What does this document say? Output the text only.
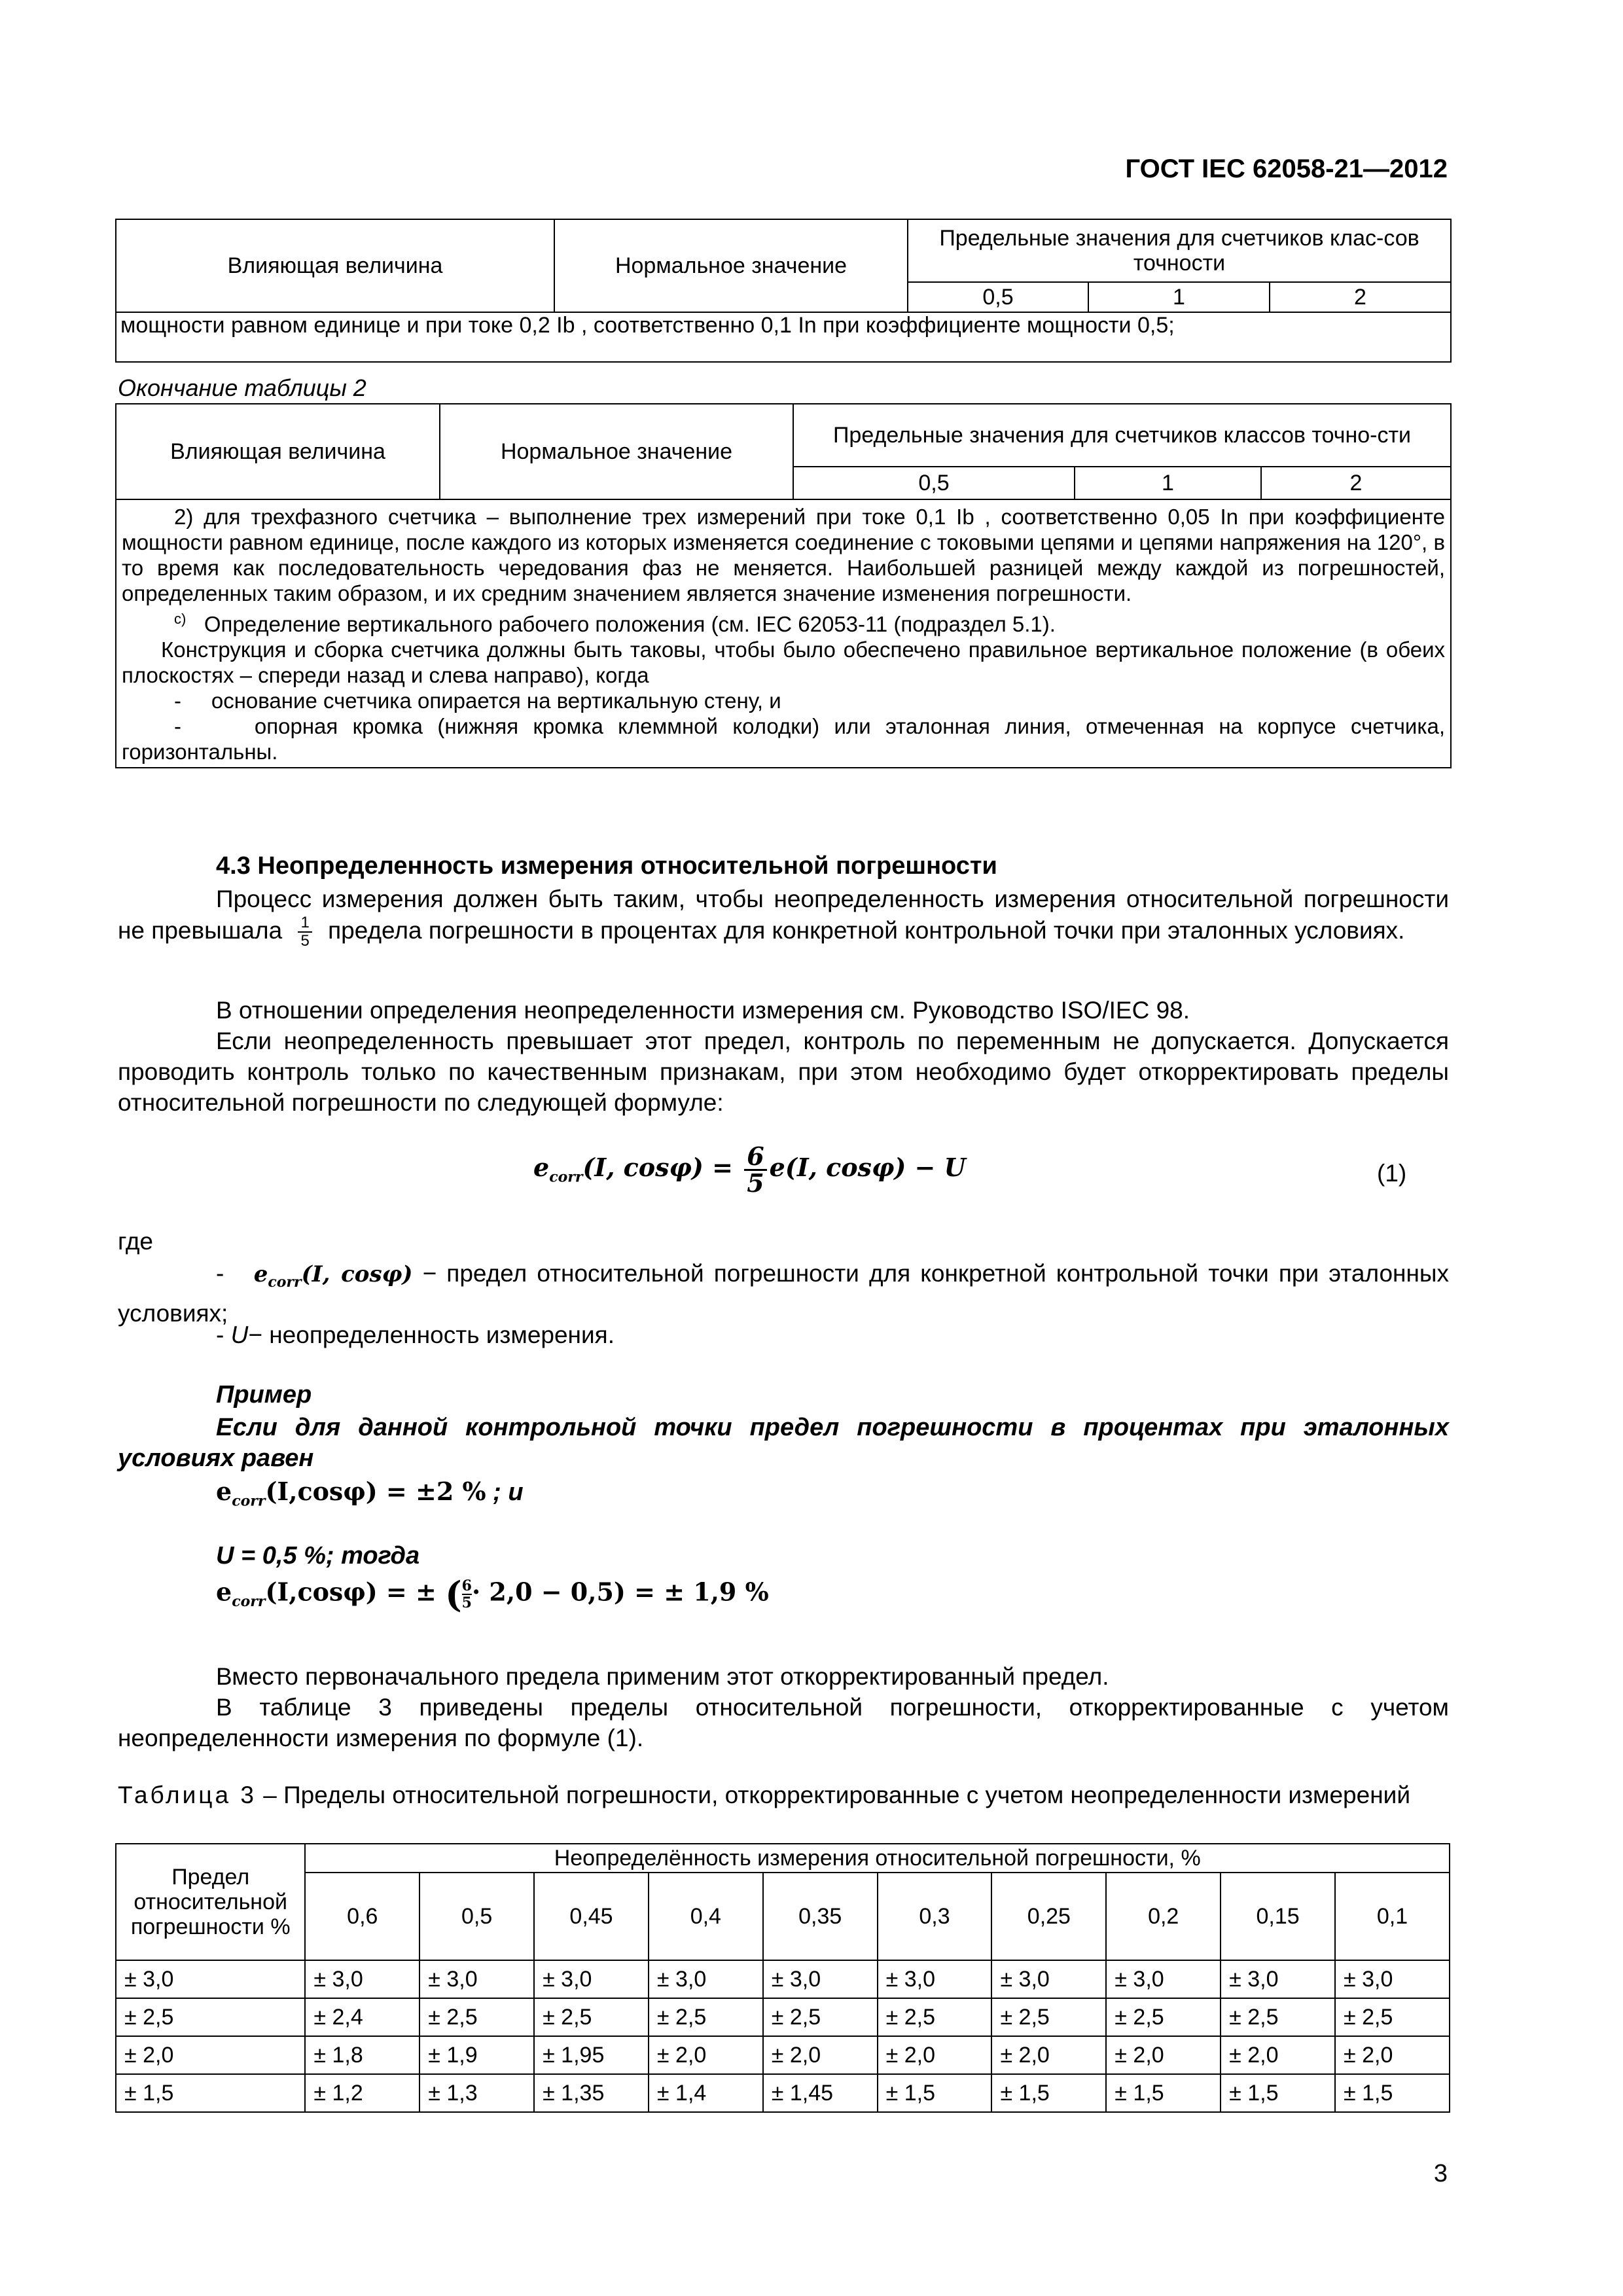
ГОСТ IEC 62058-21—2012
Влияющая величина	Нормальное значение	Предельные значения для счетчиков клас-сов точности		
		0,5	1	2
мощности равном единице и при токе 0,2 Ib , соответственно 0,1 In при коэффициенте мощности 0,5;				
Окончание таблицы 2
Влияющая величина	Нормальное значение	Предельные значения для счетчиков классов точно-сти		
		0,5	1	2

2) для трехфазного счетчика – выполнение трех измерений при токе 0,1 Ib , соответственно 0,05 In при коэффициенте мощности равном единице, после каждого из которых изменяется соединение с токовыми цепями и цепями напряжения на 120°, в то время как последовательность чередования фаз не меняется. Наибольшей разницей между каждой из погрешностей, определенных таким образом, и их средним значением является значение изменения погрешности.
$^{c)}$ Определение вертикального рабочего положения (см. IEC 62053-11 (подраздел 5.1).
Конструкция и сборка счетчика должны быть таковы, чтобы было обеспечено правильное вертикальное положение (в обеих плоскостях – спереди назад и слева направо), когда
- основание счетчика опирается на вертикальную стену, и
- опорная кромка (нижняя кромка клеммной колодки) или эталонная линия, отмеченная на корпусе счетчика, горизонтальны.				
4.3 Неопределенность измерения относительной погрешности
Процесс измерения должен быть таким, чтобы неопределенность измерения относительной погрешности не превышала $\frac{1}{5}$ предела погрешности в процентах для конкретной контрольной точки при эталонных условиях.
В отношении определения неопределенности измерения см. Руководство ISO/IEC 98.
Если неопределенность превышает этот предел, контроль по переменным не допускается. Допускается проводить контроль только по качественным признакам, при этом необходимо будет откорректировать пределы относительной погрешности по следующей формуле:
$e_{corr}(I$, $\cos\varphi) = \frac{6}{5} e(I$, cosφ) − U	(1)
где
- $e_{corr}(I$, cosφ) − предел относительной погрешности для конкретной контрольной точки при эталонных условиях;
- U− неопределенность измерения.
Пример
Если для данной контрольной точки предел погрешности в процентах при эталонных условиях равен
$e_{corr}(I,\cos\varphi) = \pm 2$ % ; и
U = 0,5 %; тогда
$e_{corr}(I,\cos\varphi)$ = ± ( $\frac{6}{5} \cdot 2,0 - 0,5$) = ± 1,9 %
Вместо первоначального предела применим этот откорректированный предел.
В таблице 3 приведены пределы относительной погрешности, откорректированные с учетом неопределенности измерения по формуле (1).
Таблица 3 – Пределы относительной погрешности, откорректированные с учетом неопределенности измерений
Предел относительной погрешности %	Неопределённость измерения относительной погрешности, %									
	0,6	0,5	0,45	0,4	0,35	0,3	0,25	0,2	0,15	0,1
± 3,0	± 3,0	± 3,0	± 3,0	± 3,0	± 3,0	± 3,0	± 3,0	± 3,0	± 3,0	± 3,0
± 2,5	± 2,4	± 2,5	± 2,5	± 2,5	± 2,5	± 2,5	± 2,5	± 2,5	± 2,5	± 2,5
± 2,0	± 1,8	± 1,9	± 1,95	± 2,0	± 2,0	± 2,0	± 2,0	± 2,0	± 2,0	± 2,0
± 1,5	± 1,2	± 1,3	± 1,35	± 1,4	± 1,45	± 1,5	± 1,5	± 1,5	± 1,5	± 1,5
3
